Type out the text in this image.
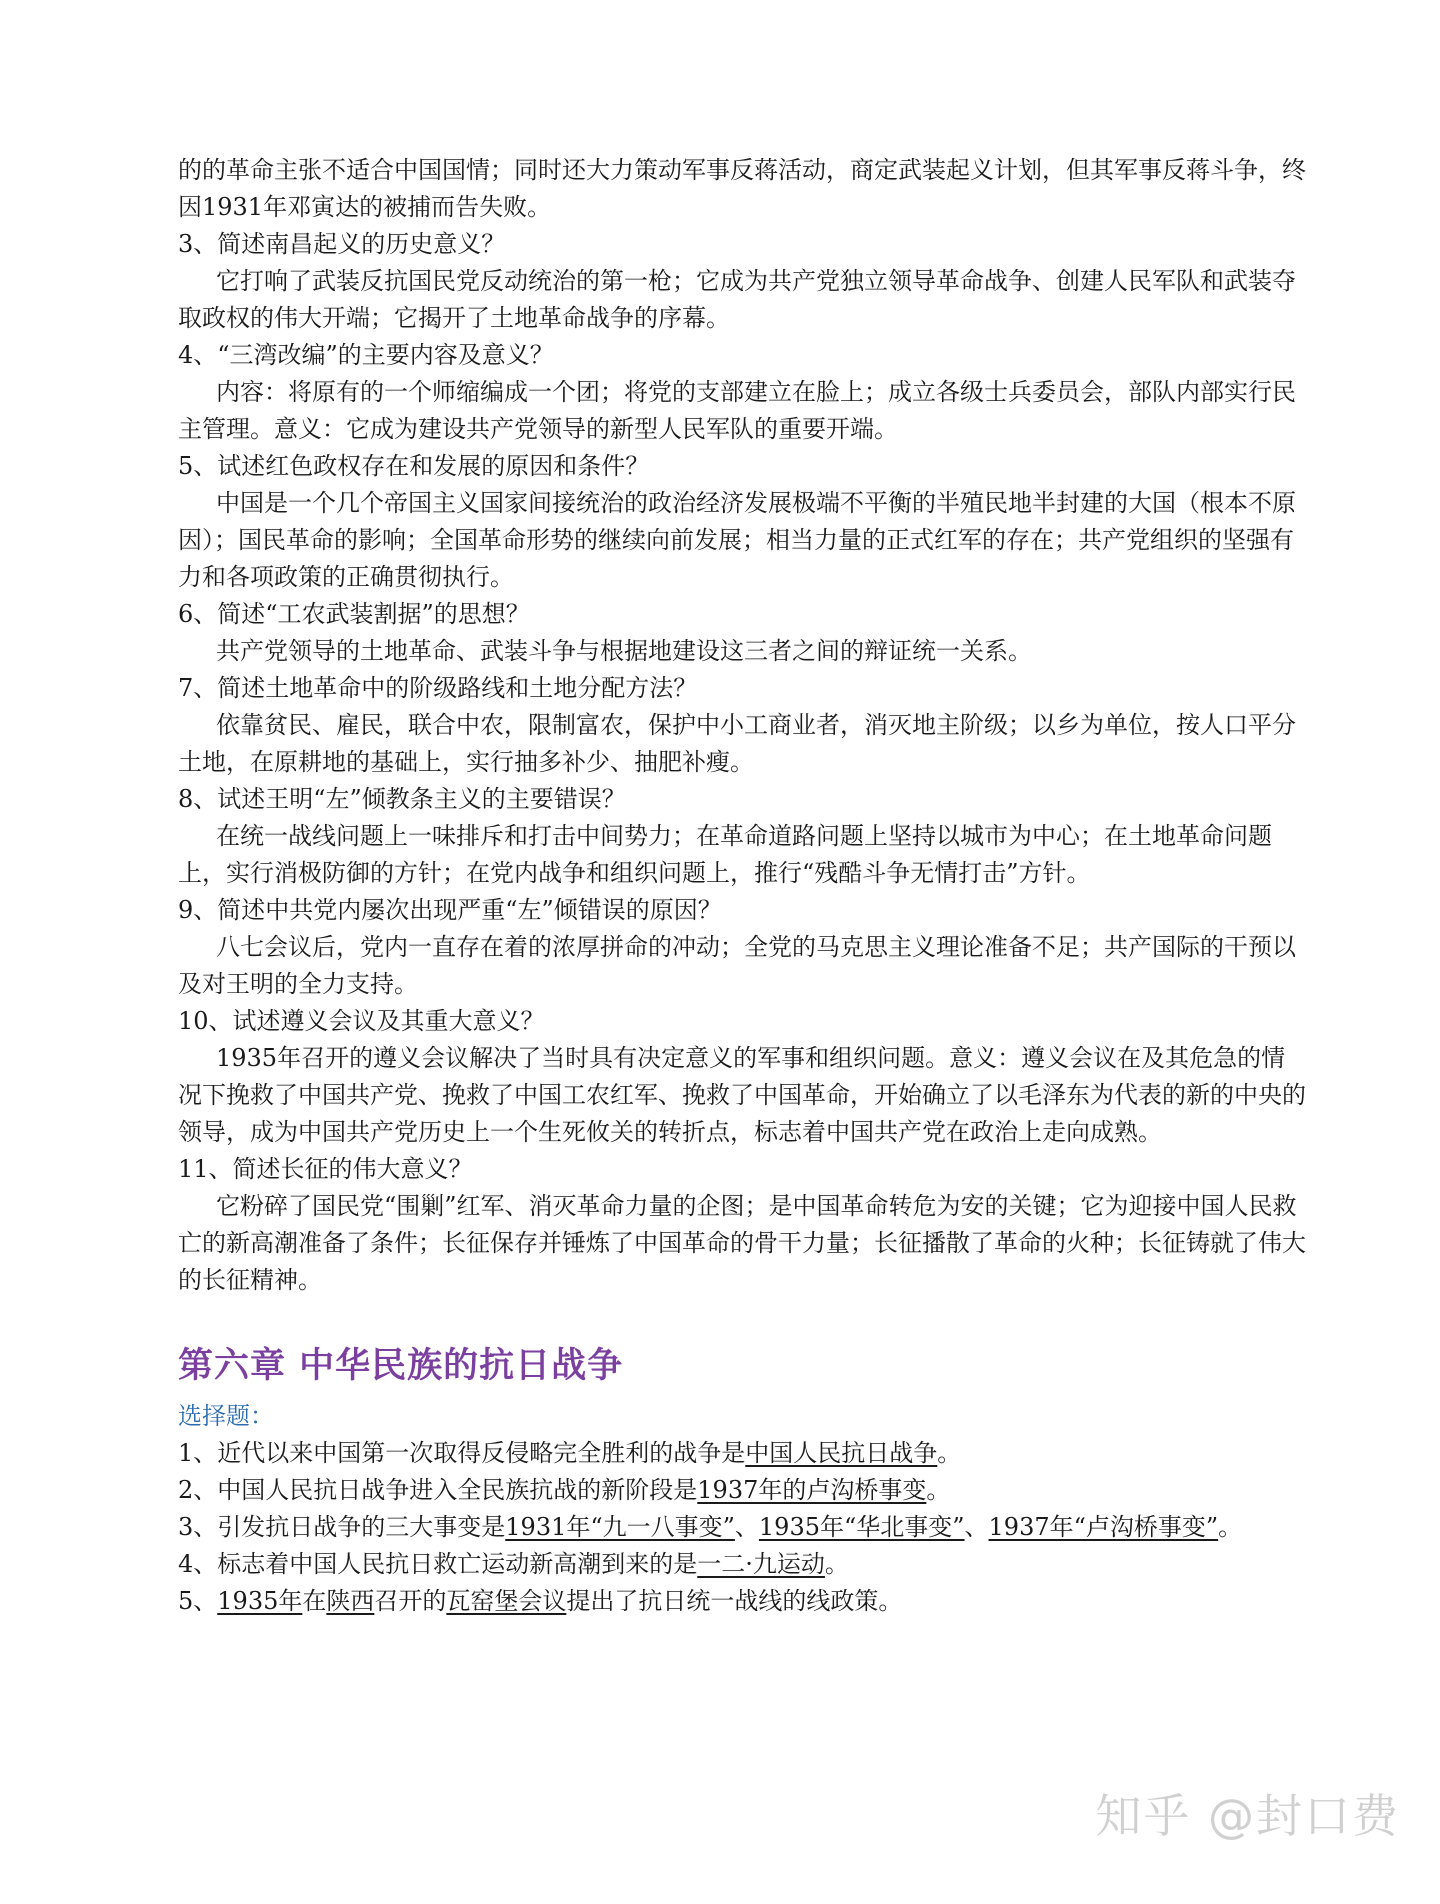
的的革命主张不适合中国国情；同时还大力策动军事反蒋活动，商定武装起义计划，但其军事反蒋斗争，终因1931年邓寅达的被捕而告失败。

3、简述南昌起义的历史意义？

它打响了武装反抗国民党反动统治的第一枪；它成为共产党独立领导革命战争、创建人民军队和武装夺取政权的伟大开端；它揭开了土地革命战争的序幕。

4、“三湾改编”的主要内容及意义？

内容：将原有的一个师缩编成一个团；将党的支部建立在脸上；成立各级士兵委员会，部队内部实行民主管理。意义：它成为建设共产党领导的新型人民军队的重要开端。

5、试述红色政权存在和发展的原因和条件？

中国是一个几个帝国主义国家间接统治的政治经济发展极端不平衡的半殖民地半封建的大国（根本不原因）；国民革命的影响；全国革命形势的继续向前发展；相当力量的正式红军的存在；共产党组织的坚强有力和各项政策的正确贯彻执行。

6、简述“工农武装割据”的思想？

共产党领导的土地革命、武装斗争与根据地建设这三者之间的辩证统一关系。

7、简述土地革命中的阶级路线和土地分配方法？

依靠贫民、雇民，联合中农，限制富农，保护中小工商业者，消灭地主阶级；以乡为单位，按人口平分土地，在原耕地的基础上，实行抽多补少、抽肥补瘦。

8、试述王明“左”倾教条主义的主要错误？

在统一战线问题上一味排斥和打击中间势力；在革命道路问题上坚持以城市为中心；在土地革命问题上，实行消极防御的方针；在党内战争和组织问题上，推行“残酷斗争无情打击”方针。

9、简述中共党内屡次出现严重“左”倾错误的原因？

八七会议后，党内一直存在着的浓厚拼命的冲动；全党的马克思主义理论准备不足；共产国际的干预以及对王明的全力支持。

10、试述遵义会议及其重大意义？

1935年召开的遵义会议解决了当时具有决定意义的军事和组织问题。意义：遵义会议在及其危急的情况下挽救了中国共产党、挽救了中国工农红军、挽救了中国革命，开始确立了以毛泽东为代表的新的中央的领导，成为中国共产党历史上一个生死攸关的转折点，标志着中国共产党在政治上走向成熟。

11、简述长征的伟大意义？

它粉碎了国民党“围剿”红军、消灭革命力量的企图；是中国革命转危为安的关键；它为迎接中国人民救亡的新高潮准备了条件；长征保存并锤炼了中国革命的骨干力量；长征播散了革命的火种；长征铸就了伟大的长征精神。

第六章 中华民族的抗日战争
选择题：

1、近代以来中国第一次取得反侵略完全胜利的战争是中国人民抗日战争。

2、中国人民抗日战争进入全民族抗战的新阶段是1937年的卢沟桥事变。

3、引发抗日战争的三大事变是1931年“九一八事变”、1935年“华北事变”、1937年“卢沟桥事变”。

4、标志着中国人民抗日救亡运动新高潮到来的是一二·九运动。

5、1935年在陕西召开的瓦窑堡会议提出了抗日统一战线的线政策。

知乎 @封口费
